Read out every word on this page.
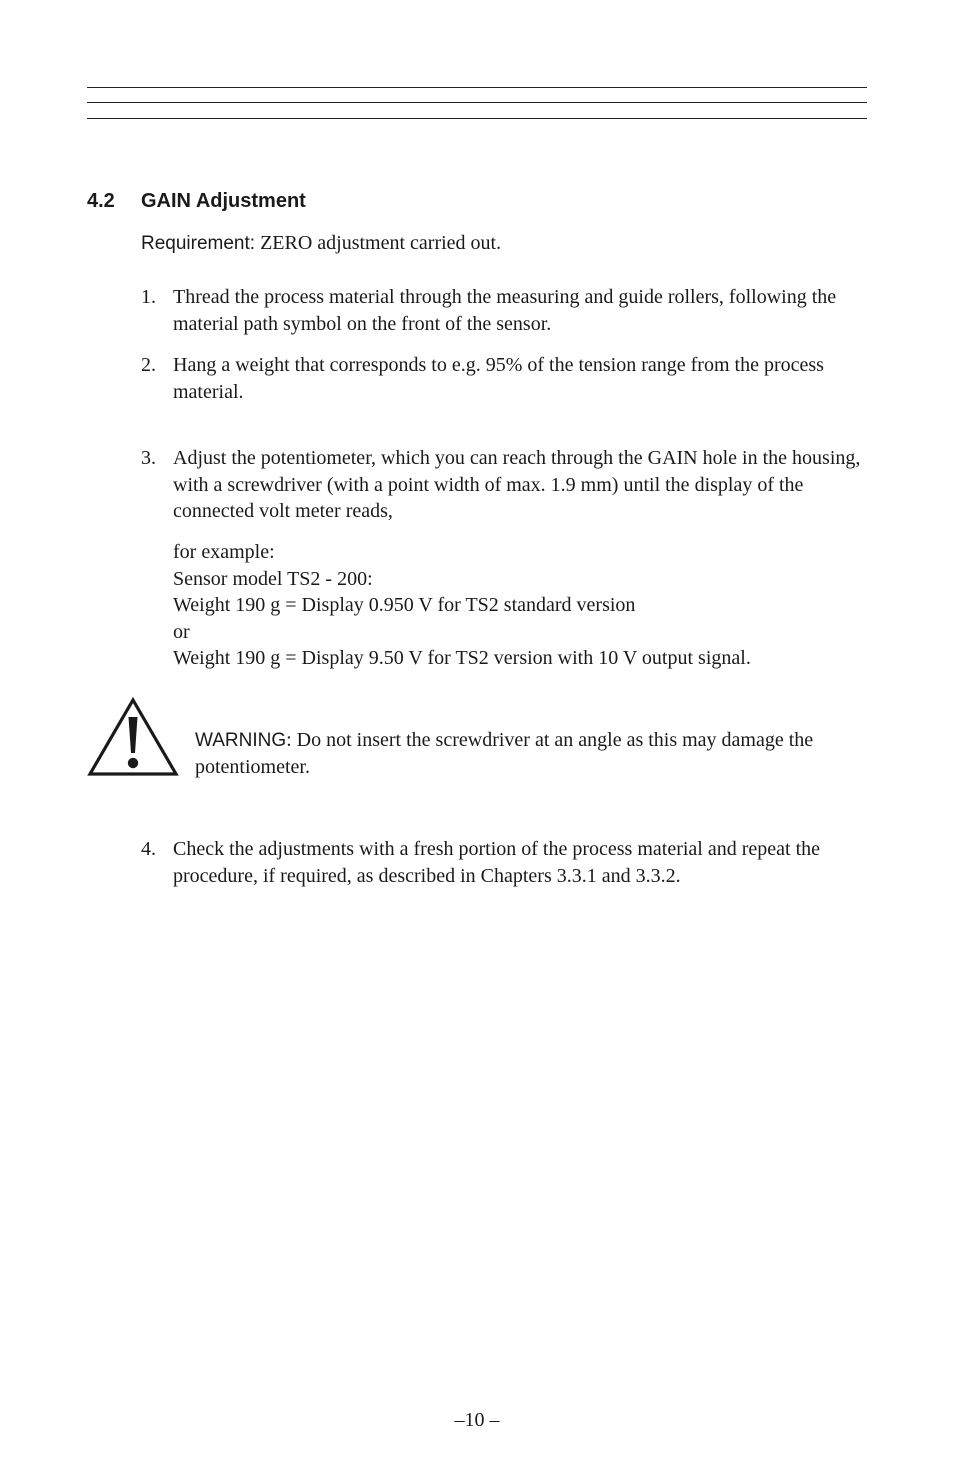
4.2 GAIN Adjustment
Requirement: ZERO adjustment carried out.
1. Thread the process material through the measuring and guide rollers, following the material path symbol on the front of the sensor.
2. Hang a weight that corresponds to e.g. 95% of the tension range from the process material.
3. Adjust the potentiometer, which you can reach through the GAIN hole in the housing, with a screwdriver (with a point width of max. 1.9 mm) until the display of the connected volt meter reads,
for example:
Sensor model TS2 - 200:
Weight 190 g = Display 0.950 V for TS2 standard version
or
Weight 190 g = Display 9.50 V for TS2 version with 10 V output signal.
WARNING: Do not insert the screwdriver at an angle as this may damage the potentiometer.
4. Check the adjustments with a fresh portion of the process material and repeat the procedure, if required, as described in Chapters 3.3.1 and 3.3.2.
–10 –
